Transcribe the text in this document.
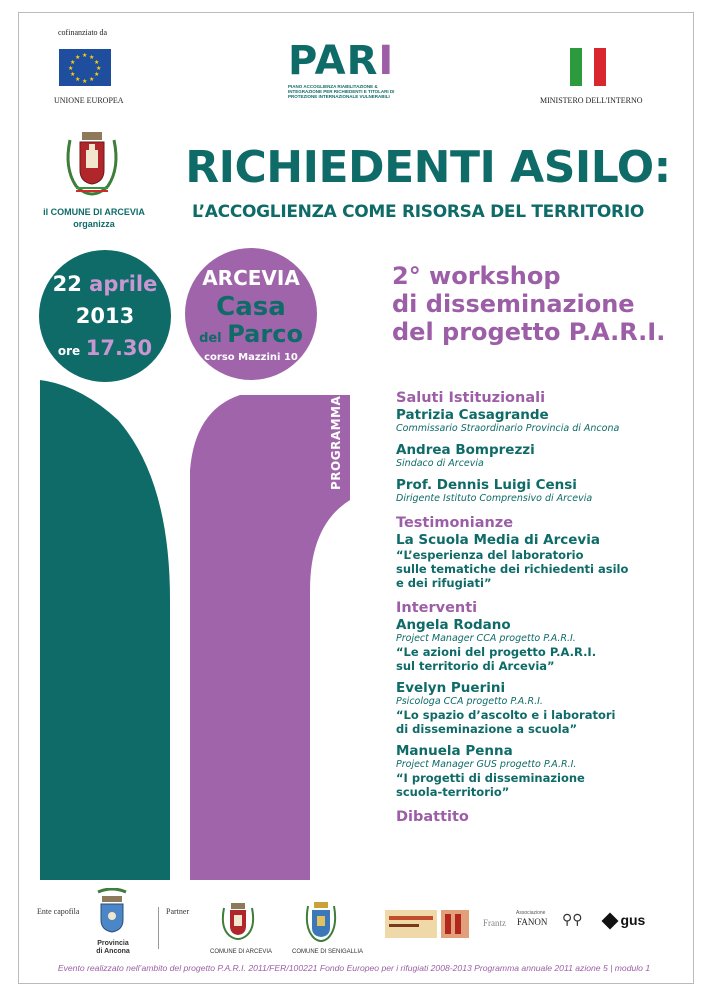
cofinanziato da
★ ★
★
★
★
★
★
★
★
★
★
★
UNIONE EUROPEA
PARI
PIANO ACCOGLIENZA RIABILITAZIONE & INTEGRAZIONE PER RICHIEDENTI E TITOLARI DI PROTEZIONE INTERNAZIONALE VULNERABILI	MINISTERO DELL'INTERNO
il COMUNE DI ARCEVIA
organizza
RICHIEDENTI ASILO:
L’ACCOGLIENZA COME RISORSA DEL TERRITORIO
PROGRAMMA
22 aprile
2013
ore 17.30
ARCEVIA
Casa
del Parco
corso Mazzini 10
2° workshop
di disseminazione
del progetto P.A.R.I.
Saluti Istituzionali
Patrizia Casagrande
Commissario Straordinario Provincia di Ancona
Andrea Bomprezzi
Sindaco di Arcevia
Prof. Dennis Luigi Censi
Dirigente Istituto Comprensivo di Arcevia
Testimonianze
La Scuola Media di Arcevia
“L’esperienza del laboratorio
sulle tematiche dei richiedenti asilo
e dei rifugiati”
Interventi
Angela Rodano
Project Manager CCA progetto P.A.R.I.
“Le azioni del progetto P.A.R.I.
sul territorio di Arcevia”
Evelyn Puerini
Psicologa CCA progetto P.A.R.I.
“Lo spazio d’ascolto e i laboratori
di disseminazione a scuola”
Manuela Penna
Project Manager GUS progetto P.A.R.I.
“I progetti di disseminazione
scuola-territorio”
Dibattito
Ente capofila	Partner
Provincia
di Ancona	COMUNE DI ARCEVIA	COMUNE DI SENIGALLIA
Frantz
Associazione
FANON ⚲⚲	gus
Evento realizzato nell’ambito del progetto P.A.R.I. 2011/FER/100221 Fondo Europeo per i rifugiati 2008-2013 Programma annuale 2011 azione 5 | modulo 1
